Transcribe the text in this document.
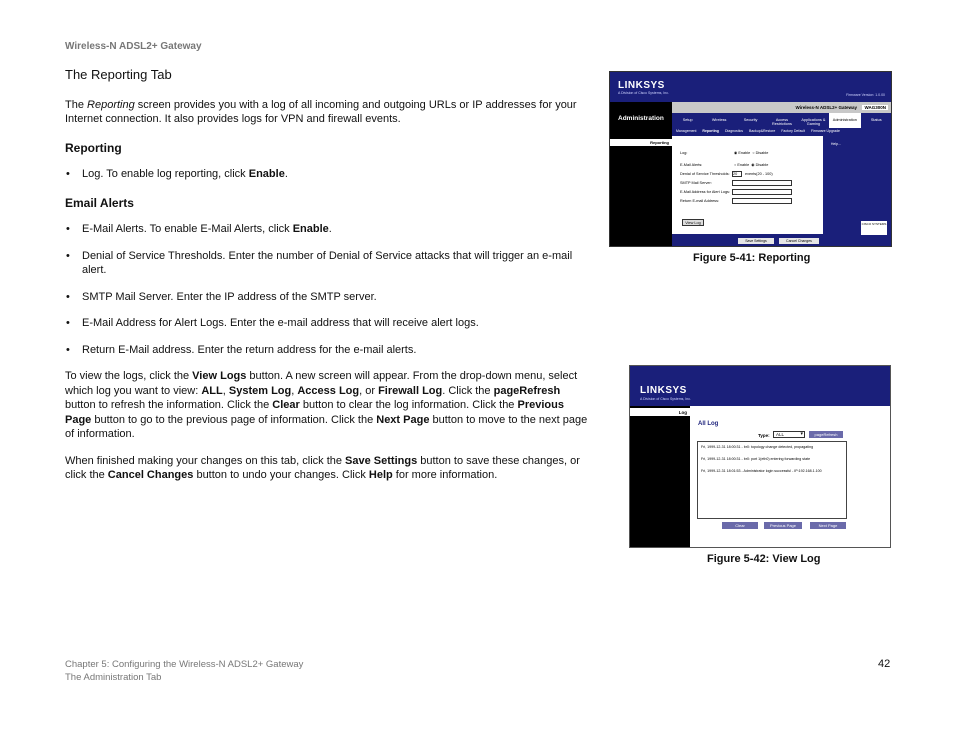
Wireless-N ADSL2+ Gateway
The Reporting Tab

The Reporting screen provides you with a log of all incoming and outgoing URLs or IP addresses for your Internet connection. It also provides logs for VPN and firewall events.

Reporting
• Log. To enable log reporting, click Enable.
Email Alerts
• E-Mail Alerts. To enable E-Mail Alerts, click Enable.
• Denial of Service Thresholds. Enter the number of Denial of Service attacks that will trigger an e-mail alert.
• SMTP Mail Server. Enter the IP address of the SMTP server.
• E-Mail Address for Alert Logs. Enter the e-mail address that will receive alert logs.
• Return E-Mail address. Enter the return address for the e-mail alerts.

To view the logs, click the View Logs button. A new screen will appear. From the drop-down menu, select which log you want to view: ALL, System Log, Access Log, or Firewall Log. Click the pageRefresh button to refresh the information. Click the Clear button to clear the log information. Click the Previous Page button to go to the previous page of information. Click the Next Page button to move to the next page of information.

When finished making your changes on this tab, click the Save Settings button to save these changes, or click the Cancel Changes button to undo your changes. Click Help for more information.

LINKSYS
A Division of Cisco Systems, Inc.	Firmware Version: 1.0.00
Administration
Wireless-N ADSL2+ Gateway	WAG300N
Setup	Wireless	Security	Access Restrictions
Applications & Gaming
Administration	Status
Management Reporting Diagnostics Backup&Restore Factory Default Firmware Upgrade
Reporting	Help...
CISCO SYSTEMS
Log:	◉ Enable  ○ Disable
E-Mail Alerts:	○ Enable  ◉ Disable
Denial of Service Thresholds: 20	events(20 - 100)
SMTP Mail Server:
E-Mail Address for Alert Logs:
Return E-mail Address:
View Log
Save Settings	Cancel Changes
Figure 5-41: Reporting
LINKSYS
A Division of Cisco Systems, Inc.
Log
All Log
Type:	ALL ▾	pageRefresh
Fri, 1999-12-31 18:00:31 - br0: topology change detected, propagating
Fri, 1999-12-31 18:00:31 - br0: port 1(eth0) entering forwarding state
Fri, 1999-12-31 18:01:53 - Administrator login successful - IP:192.168.1.100
Clear	Previous Page	Next Page
Figure 5-42: View Log
Chapter 5: Configuring the Wireless-N ADSL2+ Gateway
The Administration Tab
42
